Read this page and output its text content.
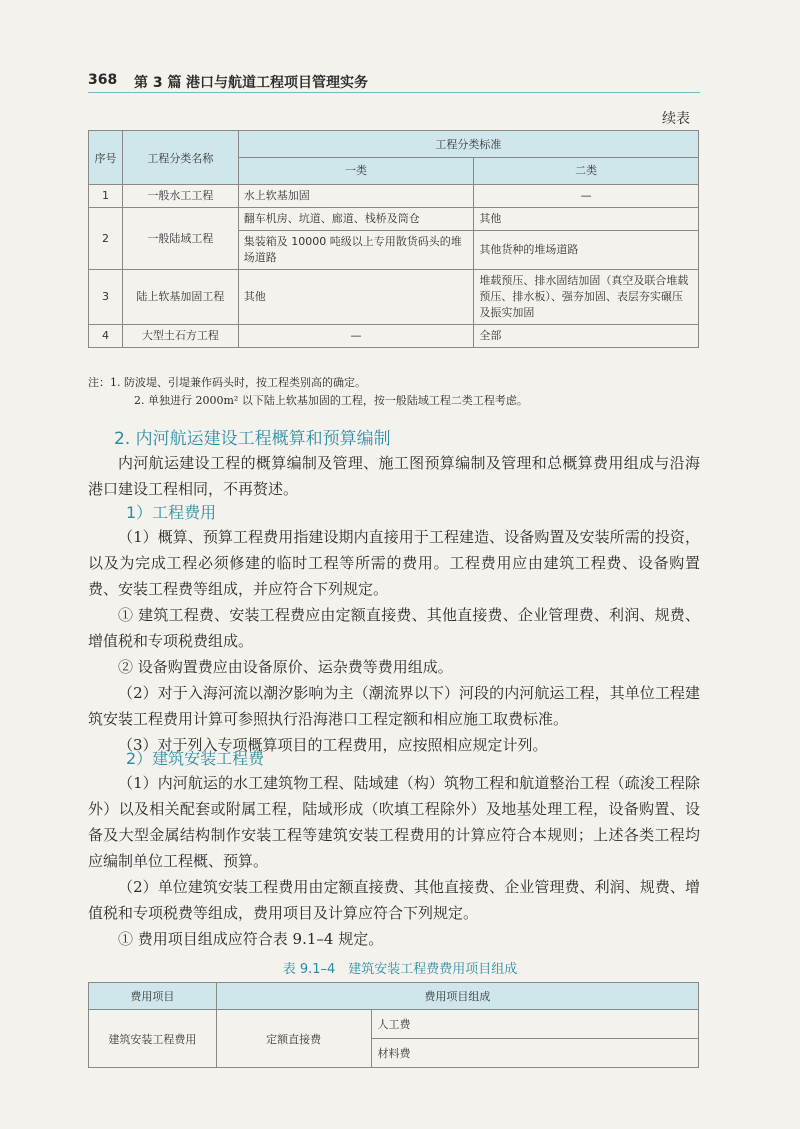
368 第 3 篇 港口与航道工程项目管理实务
续表
序号	工程分类名称	工程分类标准	
		一类	二类
1	一般水工工程	水上软基加固	—
2	一般陆域工程	翻车机房、坑道、廊道、栈桥及筒仓	其他
		集装箱及 10000 吨级以上专用散货码头的堆场道路	其他货种的堆场道路
3	陆上软基加固工程	其他	堆载预压、排水固结加固（真空及联合堆载预压、排水板）、强夯加固、表层夯实碾压及振实加固
4	大型土石方工程	—	全部
注：1. 防波堤、引堤兼作码头时，按工程类别高的确定。
2. 单独进行 2000m² 以下陆上软基加固的工程，按一般陆域工程二类工程考虑。
2. 内河航运建设工程概算和预算编制

内河航运建设工程的概算编制及管理、施工图预算编制及管理和总概算费用组成与沿海港口建设工程相同，不再赘述。

1）工程费用

（1）概算、预算工程费用指建设期内直接用于工程建造、设备购置及安装所需的投资，以及为完成工程必须修建的临时工程等所需的费用。工程费用应由建筑工程费、设备购置费、安装工程费等组成，并应符合下列规定。

① 建筑工程费、安装工程费应由定额直接费、其他直接费、企业管理费、利润、规费、增值税和专项税费组成。

② 设备购置费应由设备原价、运杂费等费用组成。

（2）对于入海河流以潮汐影响为主（潮流界以下）河段的内河航运工程，其单位工程建筑安装工程费用计算可参照执行沿海港口工程定额和相应施工取费标准。

（3）对于列入专项概算项目的工程费用，应按照相应规定计列。

2）建筑安装工程费

（1）内河航运的水工建筑物工程、陆域建（构）筑物工程和航道整治工程（疏浚工程除外）以及相关配套或附属工程，陆域形成（吹填工程除外）及地基处理工程，设备购置、设备及大型金属结构制作安装工程等建筑安装工程费用的计算应符合本规则；上述各类工程均应编制单位工程概、预算。

（2）单位建筑安装工程费用由定额直接费、其他直接费、企业管理费、利润、规费、增值税和专项税费等组成，费用项目及计算应符合下列规定。

① 费用项目组成应符合表 9.1–4 规定。

表 9.1–4　建筑安装工程费费用项目组成
费用项目	费用项目组成	
建筑安装工程费用	定额直接费	人工费
		材料费
